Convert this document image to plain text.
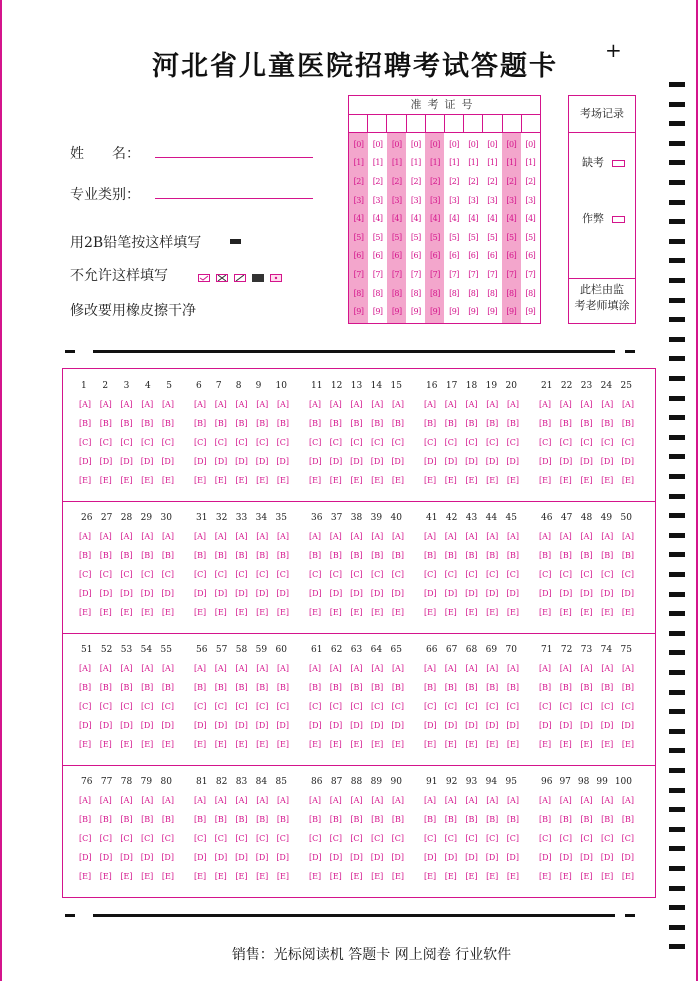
河北省儿童医院招聘考试答题卡
+
姓　　名：
专业类别：
用2B铅笔按这样填写
不允许这样填写
修改要用橡皮擦干净
准考证号
[0]
[1]
[2]
[3]
[4]
[5]
[6]
[7]
[8]
[9]
[0]
[1]
[2]
[3]
[4]
[5]
[6]
[7]
[8]
[9]
[0]
[1]
[2]
[3]
[4]
[5]
[6]
[7]
[8]
[9]
[0]
[1]
[2]
[3]
[4]
[5]
[6]
[7]
[8]
[9]
[0]
[1]
[2]
[3]
[4]
[5]
[6]
[7]
[8]
[9]
[0]
[1]
[2]
[3]
[4]
[5]
[6]
[7]
[8]
[9]
[0]
[1]
[2]
[3]
[4]
[5]
[6]
[7]
[8]
[9]
[0]
[1]
[2]
[3]
[4]
[5]
[6]
[7]
[8]
[9]
[0]
[1]
[2]
[3]
[4]
[5]
[6]
[7]
[8]
[9]
[0]
[1]
[2]
[3]
[4]
[5]
[6]
[7]
[8]
[9]
考场记录
缺考
作弊
此栏由监
考老师填涂
1 2 3 4 5
[A] [A] [A] [A] [A]
[B] [B] [B] [B] [B]
[C] [C] [C] [C] [C]
[D] [D] [D] [D] [D]
[E] [E] [E] [E] [E]
6 7 8 9 10
[A] [A] [A] [A] [A]
[B] [B] [B] [B] [B]
[C] [C] [C] [C] [C]
[D] [D] [D] [D] [D]
[E] [E] [E] [E] [E]
11 12 13 14 15
[A] [A] [A] [A] [A]
[B] [B] [B] [B] [B]
[C] [C] [C] [C] [C]
[D] [D] [D] [D] [D]
[E] [E] [E] [E] [E]
16 17 18 19 20
[A] [A] [A] [A] [A]
[B] [B] [B] [B] [B]
[C] [C] [C] [C] [C]
[D] [D] [D] [D] [D]
[E] [E] [E] [E] [E]
21 22 23 24 25
[A] [A] [A] [A] [A]
[B] [B] [B] [B] [B]
[C] [C] [C] [C] [C]
[D] [D] [D] [D] [D]
[E] [E] [E] [E] [E]
26 27 28 29 30
[A] [A] [A] [A] [A]
[B] [B] [B] [B] [B]
[C] [C] [C] [C] [C]
[D] [D] [D] [D] [D]
[E] [E] [E] [E] [E]
31 32 33 34 35
[A] [A] [A] [A] [A]
[B] [B] [B] [B] [B]
[C] [C] [C] [C] [C]
[D] [D] [D] [D] [D]
[E] [E] [E] [E] [E]
36 37 38 39 40
[A] [A] [A] [A] [A]
[B] [B] [B] [B] [B]
[C] [C] [C] [C] [C]
[D] [D] [D] [D] [D]
[E] [E] [E] [E] [E]
41 42 43 44 45
[A] [A] [A] [A] [A]
[B] [B] [B] [B] [B]
[C] [C] [C] [C] [C]
[D] [D] [D] [D] [D]
[E] [E] [E] [E] [E]
46 47 48 49 50
[A] [A] [A] [A] [A]
[B] [B] [B] [B] [B]
[C] [C] [C] [C] [C]
[D] [D] [D] [D] [D]
[E] [E] [E] [E] [E]
51 52 53 54 55
[A] [A] [A] [A] [A]
[B] [B] [B] [B] [B]
[C] [C] [C] [C] [C]
[D] [D] [D] [D] [D]
[E] [E] [E] [E] [E]
56 57 58 59 60
[A] [A] [A] [A] [A]
[B] [B] [B] [B] [B]
[C] [C] [C] [C] [C]
[D] [D] [D] [D] [D]
[E] [E] [E] [E] [E]
61 62 63 64 65
[A] [A] [A] [A] [A]
[B] [B] [B] [B] [B]
[C] [C] [C] [C] [C]
[D] [D] [D] [D] [D]
[E] [E] [E] [E] [E]
66 67 68 69 70
[A] [A] [A] [A] [A]
[B] [B] [B] [B] [B]
[C] [C] [C] [C] [C]
[D] [D] [D] [D] [D]
[E] [E] [E] [E] [E]
71 72 73 74 75
[A] [A] [A] [A] [A]
[B] [B] [B] [B] [B]
[C] [C] [C] [C] [C]
[D] [D] [D] [D] [D]
[E] [E] [E] [E] [E]
76 77 78 79 80
[A] [A] [A] [A] [A]
[B] [B] [B] [B] [B]
[C] [C] [C] [C] [C]
[D] [D] [D] [D] [D]
[E] [E] [E] [E] [E]
81 82 83 84 85
[A] [A] [A] [A] [A]
[B] [B] [B] [B] [B]
[C] [C] [C] [C] [C]
[D] [D] [D] [D] [D]
[E] [E] [E] [E] [E]
86 87 88 89 90
[A] [A] [A] [A] [A]
[B] [B] [B] [B] [B]
[C] [C] [C] [C] [C]
[D] [D] [D] [D] [D]
[E] [E] [E] [E] [E]
91 92 93 94 95
[A] [A] [A] [A] [A]
[B] [B] [B] [B] [B]
[C] [C] [C] [C] [C]
[D] [D] [D] [D] [D]
[E] [E] [E] [E] [E]
96 97 98 99 100
[A] [A] [A] [A] [A]
[B] [B] [B] [B] [B]
[C] [C] [C] [C] [C]
[D] [D] [D] [D] [D]
[E] [E] [E] [E] [E]
销售：光标阅读机 答题卡 网上阅卷 行业软件
